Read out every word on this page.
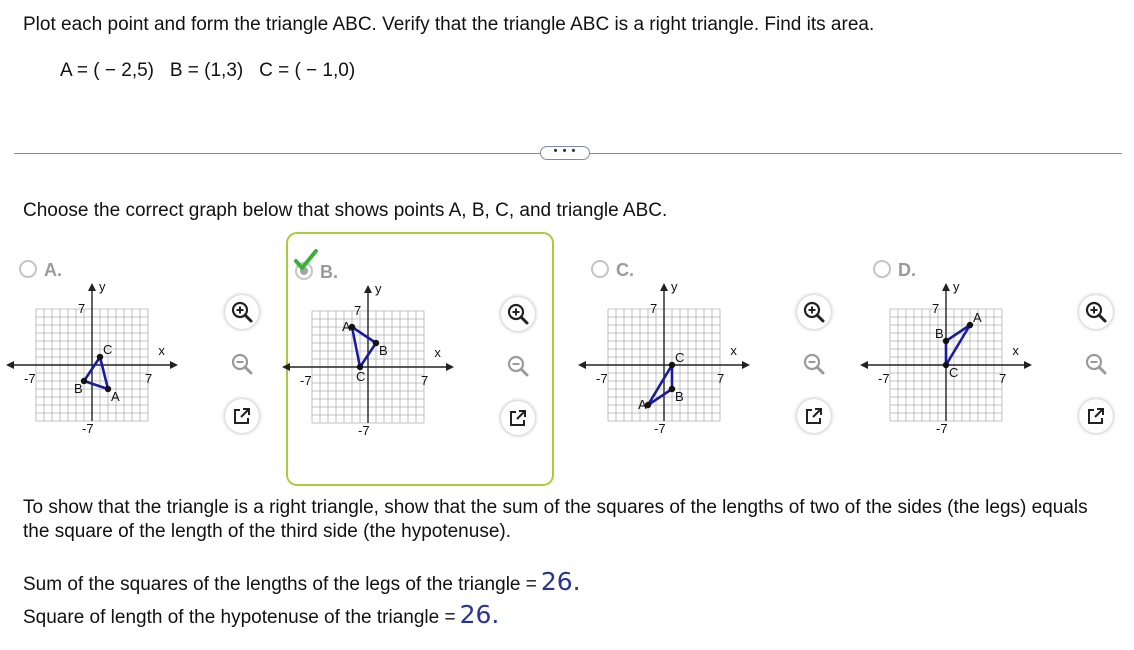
Plot each point and form the triangle ABC. Verify that the triangle ABC is a right triangle. Find its area.
A = ( − 2,5)   B = (1,3)   C = ( − 1,0)
• • •
Choose the correct graph below that shows points A, B, C, and triangle ABC.
A.
y
x
7
-7
7
-7
A
B
C
B.
y
x
7
-7
7
-7
A
B
C
C.
y
x
7
-7
7
-7
A
B
C
D.
y
x
7
-7
7
-7
A
B
C
To show that the triangle is a right triangle, show that the sum of the squares of the lengths of two of the sides (the legs) equals the square of the length of the third side (the hypotenuse).
Sum of the squares of the lengths of the legs of the triangle = 26.
Square of length of the hypotenuse of the triangle = 26.
